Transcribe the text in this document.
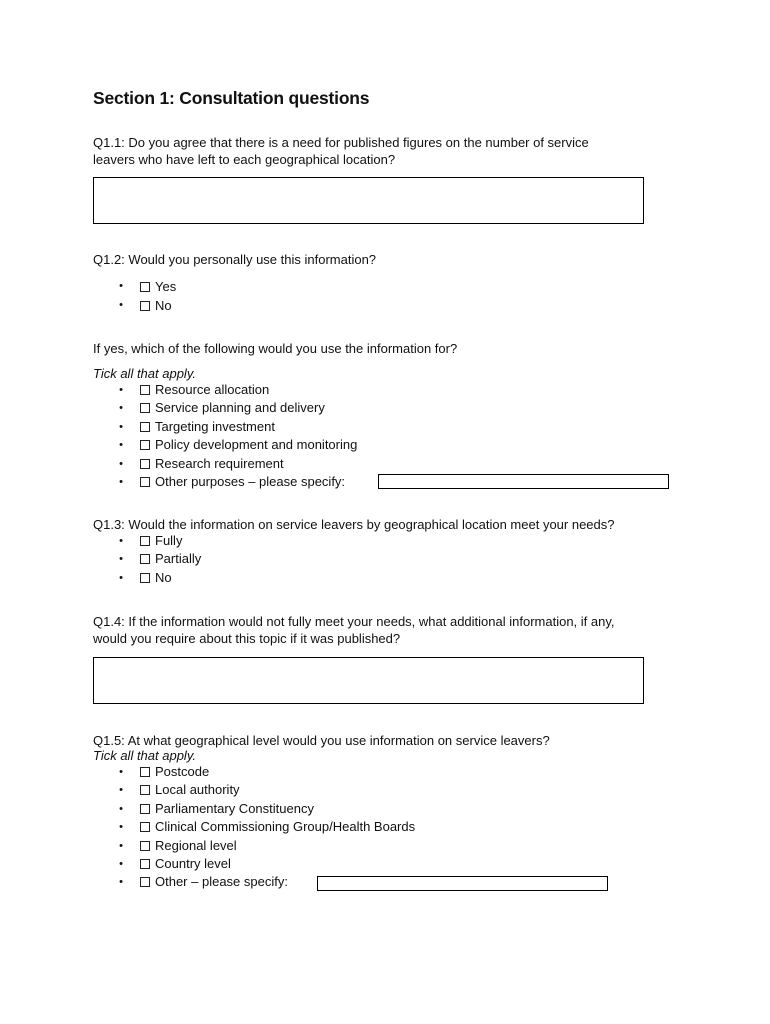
Section 1: Consultation questions

Q1.1: Do you agree that there is a need for published figures on the number of service
leavers who have left to each geographical location?

Q1.2: Would you personally use this information?

• Yes
• No

If yes, which of the following would you use the information for?

Tick all that apply.

• Resource allocation
• Service planning and delivery
• Targeting investment
• Policy development and monitoring
• Research requirement
• Other purposes – please specify:

Q1.3: Would the information on service leavers by geographical location meet your needs?

• Fully
• Partially
• No

Q1.4: If the information would not fully meet your needs, what additional information, if any,
would you require about this topic if it was published?

Q1.5: At what geographical level would you use information on service leavers?

Tick all that apply.

• Postcode
• Local authority
• Parliamentary Constituency
• Clinical Commissioning Group/Health Boards
• Regional level
• Country level
• Other – please specify:
